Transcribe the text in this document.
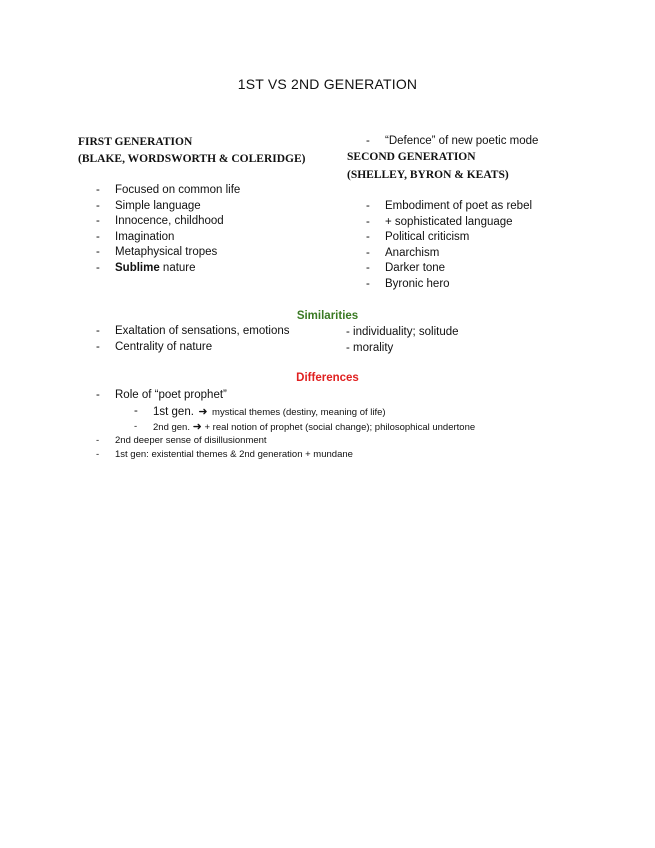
1ST VS 2ND GENERATION
FIRST GENERATION
(BLAKE, WORDSWORTH & COLERIDGE)
- Focused on common life
- Simple language
- Innocence, childhood
- Imagination
- Metaphysical tropes
- Sublime nature
- “Defence” of new poetic mode
SECOND GENERATION
(SHELLEY, BYRON & KEATS)
- Embodiment of poet as rebel
- + sophisticated language
- Political criticism
- Anarchism
- Darker tone
- Byronic hero
Similarities
- Exaltation of sensations, emotions
- Centrality of nature
- individuality; solitude
- morality
Differences
- Role of “poet prophet”
- 1st gen. ➜ mystical themes (destiny, meaning of life)
- 2nd gen. ➜ + real notion of prophet (social change); philosophical undertone
- 2nd deeper sense of disillusionment
- 1st gen: existential themes & 2nd generation + mundane
